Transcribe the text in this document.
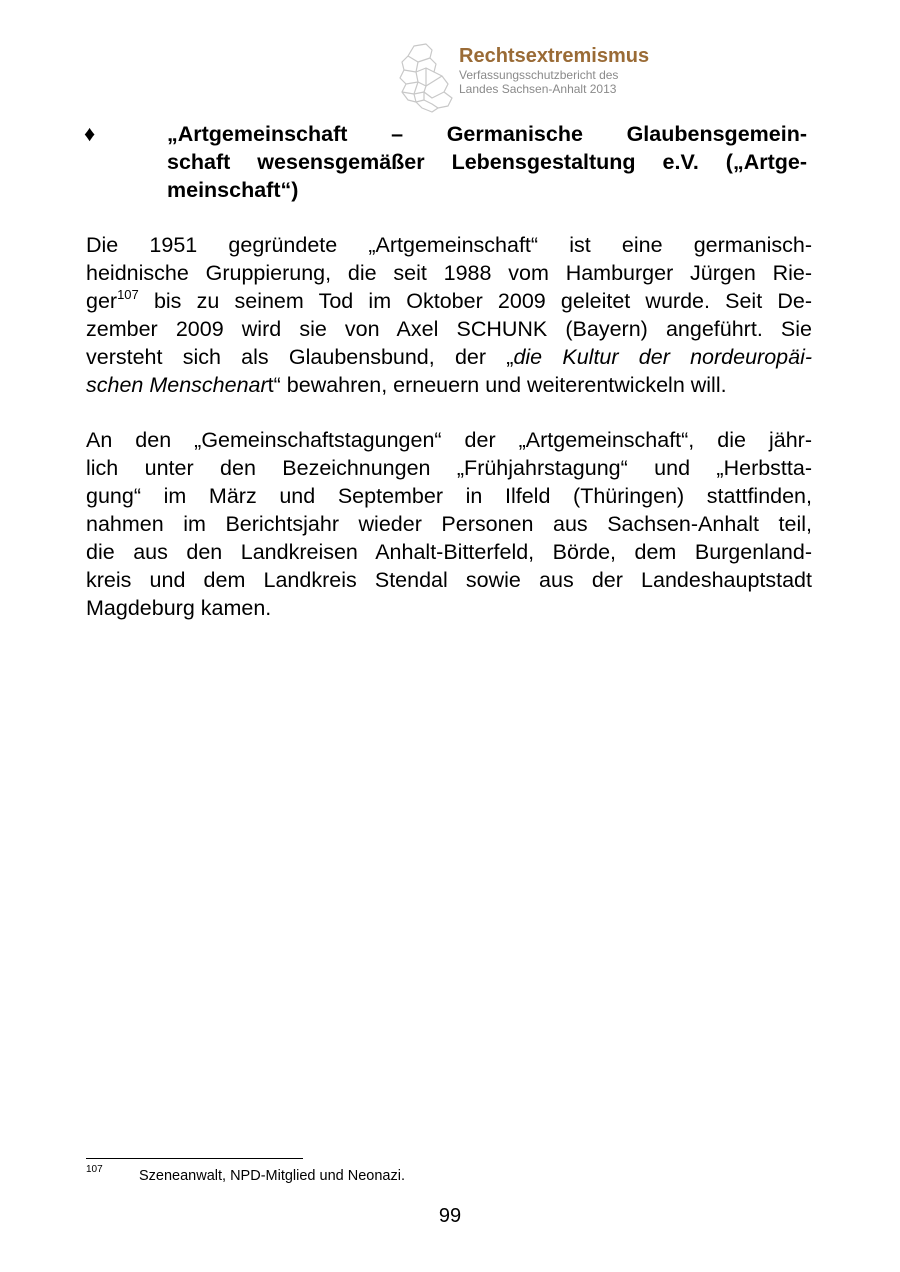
Rechtsextremismus
Verfassungsschutzbericht des
Landes Sachsen-Anhalt 2013
♦	„Artgemeinschaft – Germanische Glaubensgemein-
schaft wesensgemäßer Lebensgestaltung e.V. („Artge-
meinschaft“)

Die 1951 gegründete „Artgemeinschaft“ ist eine germanisch-
heidnische Gruppierung, die seit 1988 vom Hamburger Jürgen Rie-
ger$^{107}$ bis zu seinem Tod im Oktober 2009 geleitet wurde. Seit De-
zember 2009 wird sie von Axel SCHUNK (Bayern) angeführt. Sie
versteht sich als Glaubensbund, der „die Kultur der nordeuropäi-
schen Menschenart“ bewahren, erneuern und weiterentwickeln will.

An den „Gemeinschaftstagungen“ der „Artgemeinschaft“, die jähr-
lich unter den Bezeichnungen „Frühjahrstagung“ und „Herbstta-
gung“ im März und September in Ilfeld (Thüringen) stattfinden,
nahmen im Berichtsjahr wieder Personen aus Sachsen-Anhalt teil,
die aus den Landkreisen Anhalt-Bitterfeld, Börde, dem Burgenland-
kreis und dem Landkreis Stendal sowie aus der Landeshauptstadt
Magdeburg kamen.

107	Szeneanwalt, NPD-Mitglied und Neonazi.
99
